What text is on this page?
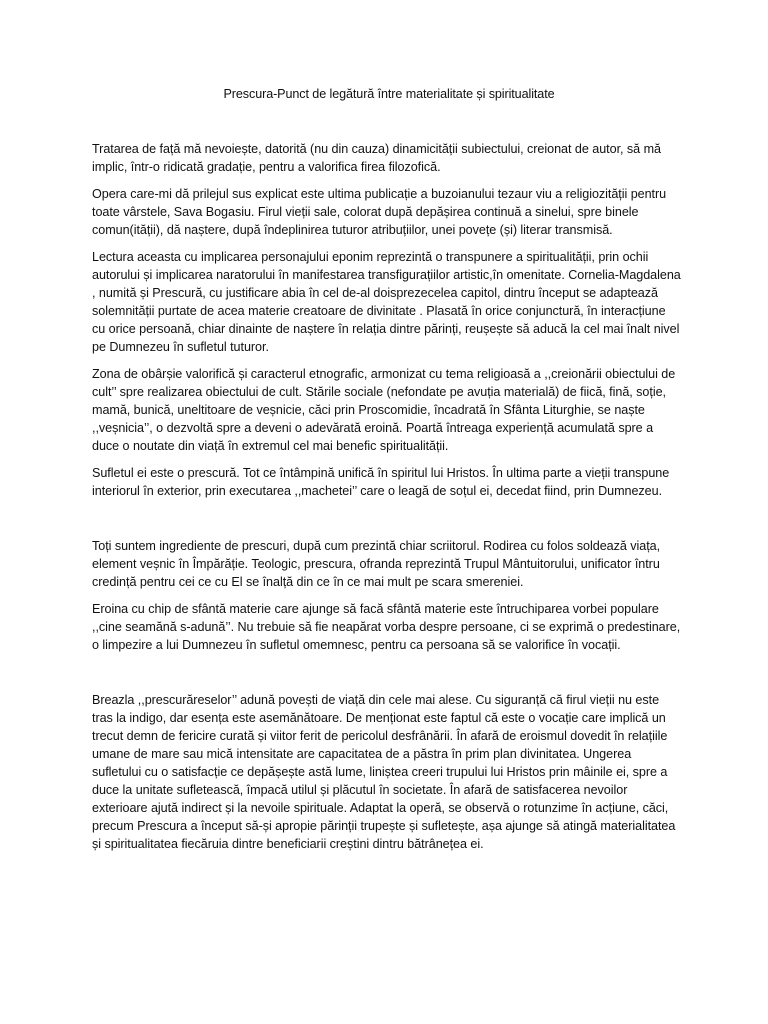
Prescura-Punct de legătură între materialitate și spiritualitate

Tratarea de față mă nevoiește, datorită (nu din cauza) dinamicității subiectului, creionat de autor, să mă implic, într-o ridicată gradație, pentru a valorifica firea filozofică.

Opera care-mi dă prilejul sus explicat este ultima publicație a buzoianului tezaur viu a religiozității pentru toate vârstele, Sava Bogasiu. Firul vieții sale, colorat după depășirea continuă a sinelui, spre binele comun(ității), dă naștere, după îndeplinirea tuturor atribuțiilor, unei povețe (și) literar transmisă.

Lectura aceasta cu implicarea personajului eponim reprezintă o transpunere a spiritualității, prin ochii autorului și implicarea naratorului în manifestarea transfigurațiilor artistic,în omenitate. Cornelia-Magdalena , numită și Prescură, cu justificare abia în cel de-al doisprezecelea capitol, dintru început se adaptează solemnității purtate de acea materie creatoare de divinitate . Plasată în orice conjunctură, în interacțiune cu orice persoană, chiar dinainte de naștere în relația dintre părinți, reușește să aducă la cel mai înalt nivel pe Dumnezeu în sufletul tuturor.

Zona de obârșie valorifică și caracterul etnografic, armonizat cu tema religioasă a ,,creionării obiectului de cult’’ spre realizarea obiectului de cult. Stările sociale (nefondate pe avuția materială) de fiică, fină, soție, mamă, bunică, uneltitoare de veșnicie, căci prin Proscomidie, încadrată în Sfânta Liturghie, se naște ,,veșnicia’’, o dezvoltă spre a deveni o adevărată eroină. Poartă întreaga experiență acumulată spre a duce o noutate din viață în extremul cel mai benefic spiritualității.

Sufletul ei este o prescură. Tot ce întâmpină unifică în spiritul lui Hristos. În ultima parte a vieții transpune interiorul în exterior, prin executarea ,,machetei’’ care o leagă de soțul ei, decedat fiind, prin Dumnezeu.

Toți suntem ingrediente de prescuri, după cum prezintă chiar scriitorul. Rodirea cu folos soldează viața, element veșnic în Împărăție. Teologic, prescura, ofranda reprezintă Trupul Mântuitorului, unificator întru credință pentru cei ce cu El se înalță din ce în ce mai mult pe scara smereniei.

Eroina cu chip de sfântă materie care ajunge să facă sfântă materie este întruchiparea vorbei populare ,,cine seamănă s-adună’’. Nu trebuie să fie neapărat vorba despre persoane, ci se exprimă o predestinare, o limpezire a lui Dumnezeu în sufletul omemnesc, pentru ca persoana să se valorifice în vocații.

Breazla ,,prescurăreselor’’ adună povești de viață din cele mai alese. Cu siguranță că firul vieții nu este tras la indigo, dar esența este asemănătoare. De menționat este faptul că este o vocație care implică un trecut demn de fericire curată și viitor ferit de pericolul desfrânării. În afară de eroismul dovedit în relațiile umane de mare sau mică intensitate are capacitatea de a păstra în prim plan divinitatea. Ungerea sufletului cu o satisfacție ce depășește astă lume, liniștea creeri trupului lui Hristos prin mâinile ei, spre a duce la unitate sufletească, împacă utilul și plăcutul în societate. În afară de satisfacerea nevoilor exterioare ajută indirect și la nevoile spirituale. Adaptat la operă, se observă o rotunzime în acțiune, căci, precum Prescura a început să-și apropie părinții trupește și sufletește, așa ajunge să atingă materialitatea și spiritualitatea fiecăruia dintre beneficiarii creștini dintru bătrânețea ei.
